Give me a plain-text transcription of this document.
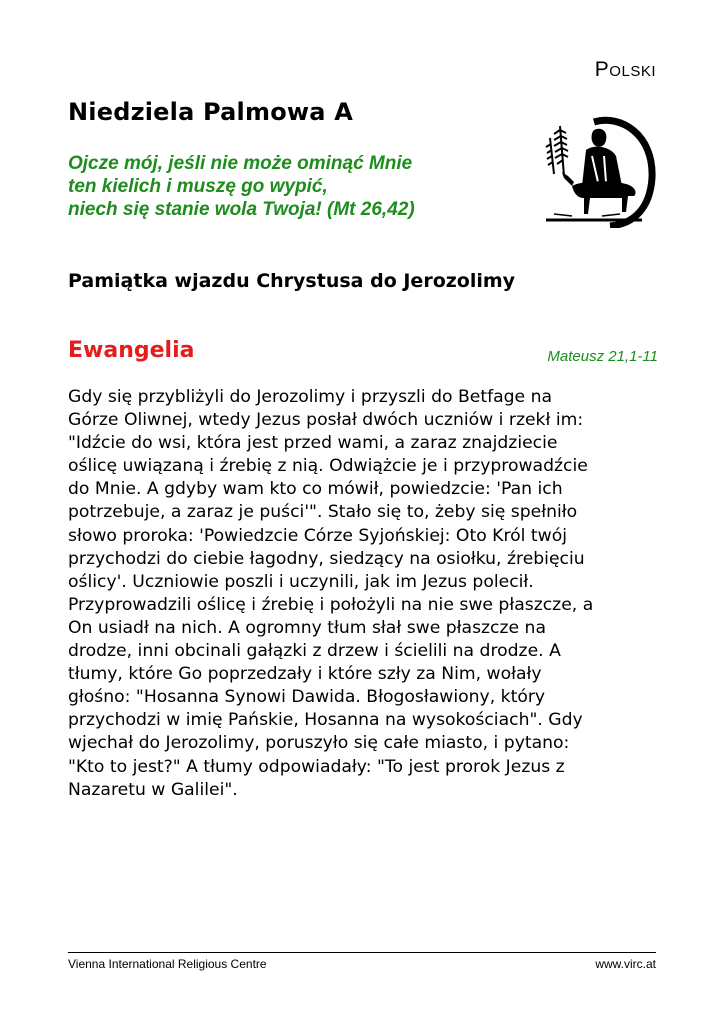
Polski
Niedziela Palmowa A
Ojcze mój, jeśli nie może ominąć Mnie
ten kielich i muszę go wypić,
niech się stanie wola Twoja! (Mt 26,42)
Pamiątka wjazdu Chrystusa do Jerozolimy
Ewangelia	Mateusz 21,1-11
Gdy się przybliżyli do Jerozolimy i przyszli do Betfage na
Górze Oliwnej, wtedy Jezus posłał dwóch uczniów i rzekł im:
"Idźcie do wsi, która jest przed wami, a zaraz znajdziecie
oślicę uwiązaną i źrebię z nią. Odwiążcie je i przyprowadźcie
do Mnie. A gdyby wam kto co mówił, powiedzcie: 'Pan ich
potrzebuje, a zaraz je puści'". Stało się to, żeby się spełniło
słowo proroka: 'Powiedzcie Córze Syjońskiej: Oto Król twój
przychodzi do ciebie łagodny, siedzący na osiołku, źrebięciu
oślicy'. Uczniowie poszli i uczynili, jak im Jezus polecił.
Przyprowadzili oślicę i źrebię i położyli na nie swe płaszcze, a
On usiadł na nich. A ogromny tłum słał swe płaszcze na
drodze, inni obcinali gałązki z drzew i ścielili na drodze. A
tłumy, które Go poprzedzały i które szły za Nim, wołały
głośno: "Hosanna Synowi Dawida. Błogosławiony, który
przychodzi w imię Pańskie, Hosanna na wysokościach". Gdy
wjechał do Jerozolimy, poruszyło się całe miasto, i pytano:
"Kto to jest?" A tłumy odpowiadały: "To jest prorok Jezus z
Nazaretu w Galilei".
Vienna International Religious Centre	www.virc.at
